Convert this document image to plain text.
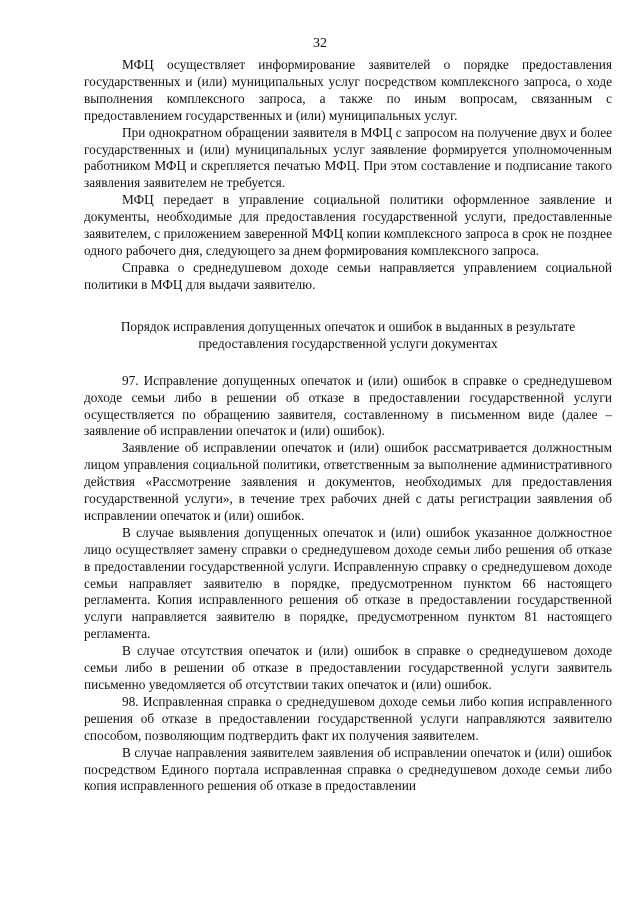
32

МФЦ осуществляет информирование заявителей о порядке предоставления государственных и (или) муниципальных услуг посредством комплексного запроса, о ходе выполнения комплексного запроса, а также по иным вопросам, связанным с предоставлением государственных и (или) муниципальных услуг.

При однократном обращении заявителя в МФЦ с запросом на получение двух и более государственных и (или) муниципальных услуг заявление формируется уполномоченным работником МФЦ и скрепляется печатью МФЦ. При этом составление и подписание такого заявления заявителем не требуется.

МФЦ передает в управление социальной политики оформленное заявление и документы, необходимые для предоставления государственной услуги, предоставленные заявителем, с приложением заверенной МФЦ копии комплексного запроса в срок не позднее одного рабочего дня, следующего за днем формирования комплексного запроса.

Справка о среднедушевом доходе семьи направляется управлением социальной политики в МФЦ для выдачи заявителю.

Порядок исправления допущенных опечаток и ошибок в выданных в результате предоставления государственной услуги документах

97. Исправление допущенных опечаток и (или) ошибок в справке о среднедушевом доходе семьи либо в решении об отказе в предоставлении государственной услуги осуществляется по обращению заявителя, составленному в письменном виде (далее – заявление об исправлении опечаток и (или) ошибок).

Заявление об исправлении опечаток и (или) ошибок рассматривается должностным лицом управления социальной политики, ответственным за выполнение административного действия «Рассмотрение заявления и документов, необходимых для предоставления государственной услуги», в течение трех рабочих дней с даты регистрации заявления об исправлении опечаток и (или) ошибок.

В случае выявления допущенных опечаток и (или) ошибок указанное должностное лицо осуществляет замену справки о среднедушевом доходе семьи либо решения об отказе в предоставлении государственной услуги. Исправленную справку о среднедушевом доходе семьи направляет заявителю в порядке, предусмотренном пунктом 66 настоящего регламента. Копия исправленного решения об отказе в предоставлении государственной услуги направляется заявителю в порядке, предусмотренном пунктом 81 настоящего регламента.

В случае отсутствия опечаток и (или) ошибок в справке о среднедушевом доходе семьи либо в решении об отказе в предоставлении государственной услуги заявитель письменно уведомляется об отсутствии таких опечаток и (или) ошибок.

98. Исправленная справка о среднедушевом доходе семьи либо копия исправленного решения об отказе в предоставлении государственной услуги направляются заявителю способом, позволяющим подтвердить факт их получения заявителем.

В случае направления заявителем заявления об исправлении опечаток и (или) ошибок посредством Единого портала исправленная справка о среднедушевом доходе семьи либо копия исправленного решения об отказе в предоставлении
